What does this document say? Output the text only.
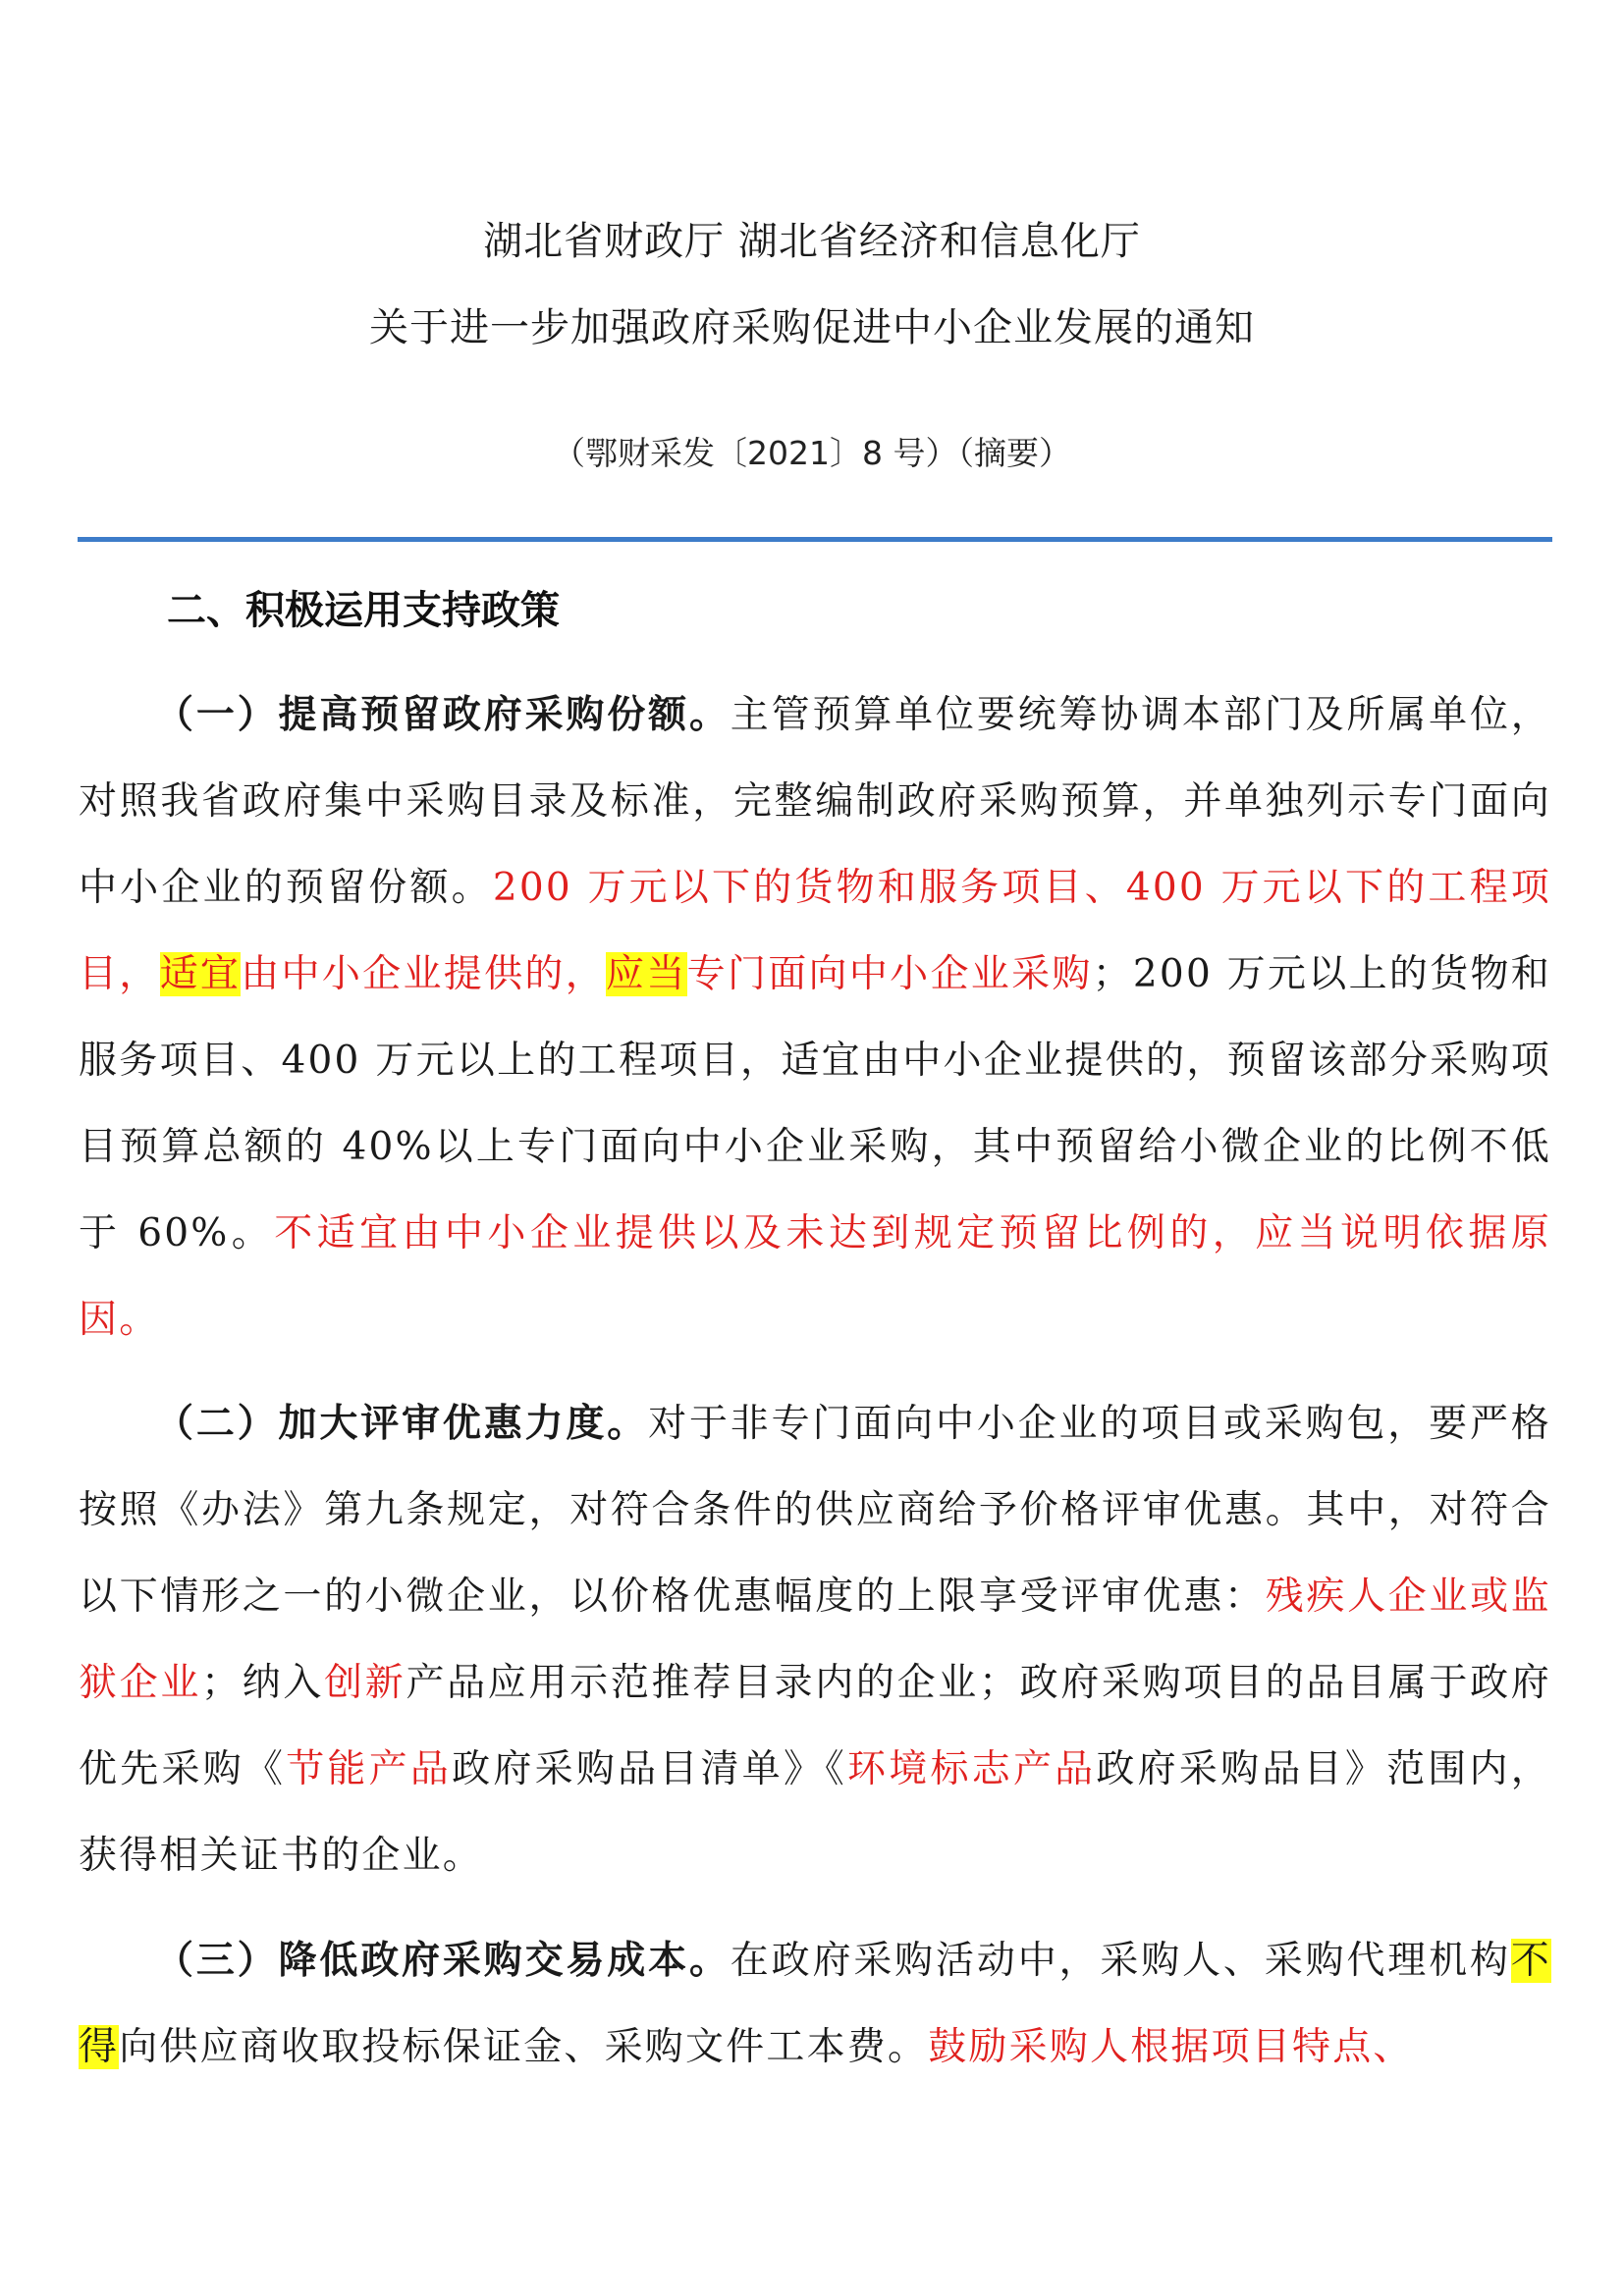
湖北省财政厅 湖北省经济和信息化厅
关于进一步加强政府采购促进中小企业发展的通知
（鄂财采发〔2021〕8 号）（摘要）
二、积极运用支持政策
（一）提高预留政府采购份额。主管预算单位要统筹协调本部门及所属单位，对照我省政府集中采购目录及标准，完整编制政府采购预算，并单独列示专门面向中小企业的预留份额。200 万元以下的货物和服务项目、400 万元以下的工程项目，适宜由中小企业提供的，应当专门面向中小企业采购；200 万元以上的货物和服务项目、400 万元以上的工程项目，适宜由中小企业提供的，预留该部分采购项目预算总额的 40%以上专门面向中小企业采购，其中预留给小微企业的比例不低于 60%。不适宜由中小企业提供以及未达到规定预留比例的，应当说明依据原因。
（二）加大评审优惠力度。对于非专门面向中小企业的项目或采购包，要严格按照《办法》第九条规定，对符合条件的供应商给予价格评审优惠。其中，对符合以下情形之一的小微企业，以价格优惠幅度的上限享受评审优惠：残疾人企业或监狱企业；纳入创新产品应用示范推荐目录内的企业；政府采购项目的品目属于政府优先采购《节能产品政府采购品目清单》《环境标志产品政府采购品目》范围内，获得相关证书的企业。
（三）降低政府采购交易成本。在政府采购活动中，采购人、采购代理机构不得向供应商收取投标保证金、采购文件工本费。鼓励采购人根据项目特点、
